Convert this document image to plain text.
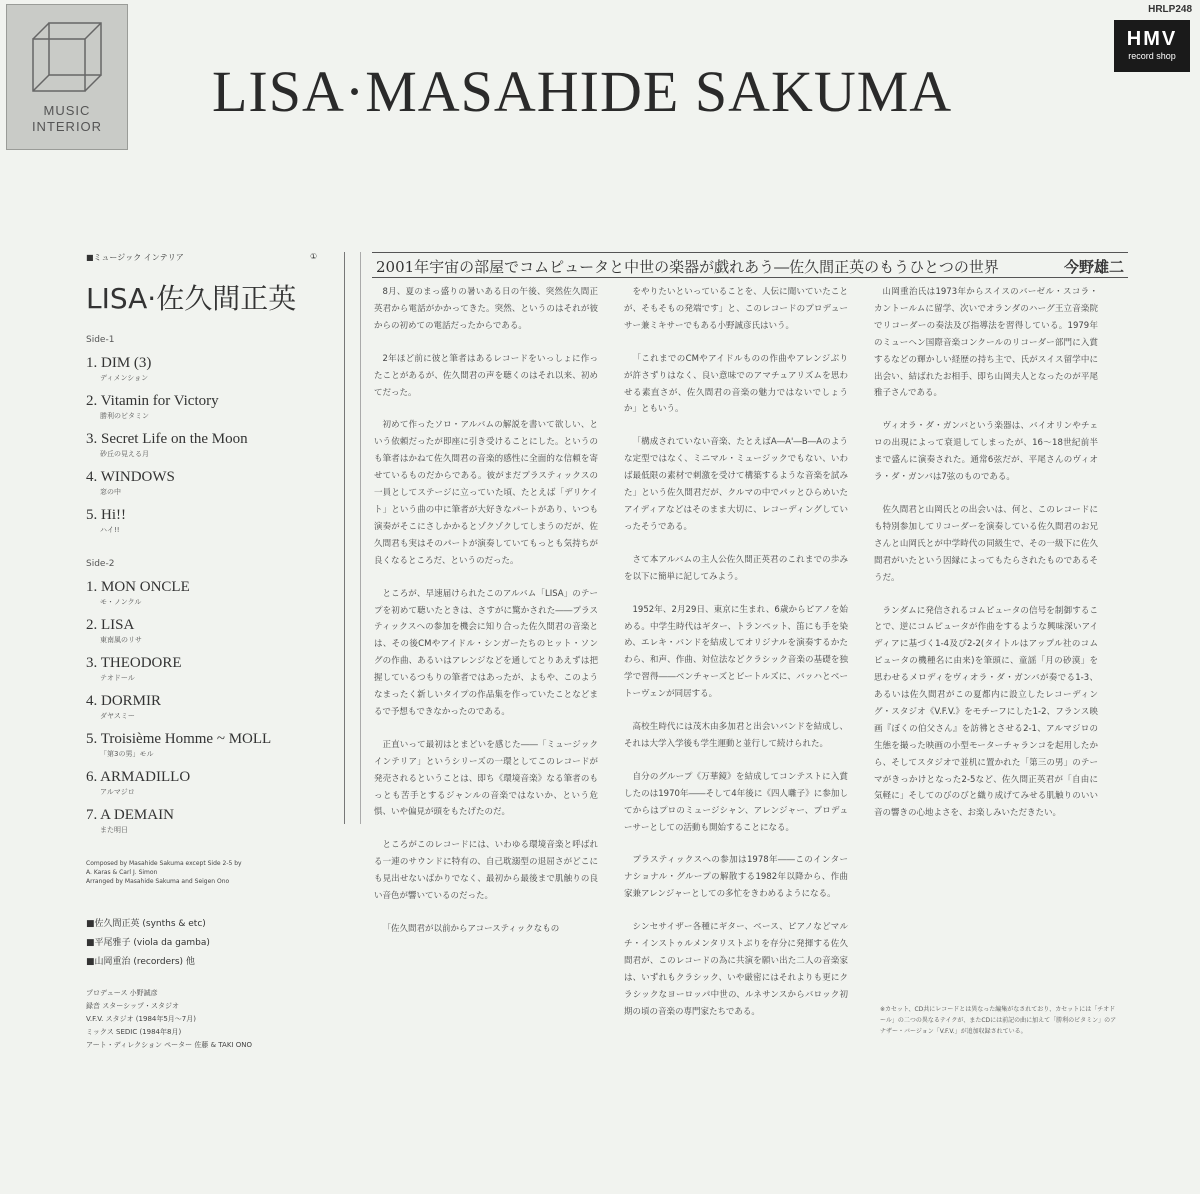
MUSIC
INTERIOR
HRLP248
HMV
record shop
LISA·MASAHIDE SAKUMA
■ミュージック インテリア	①
LISA·佐久間正英
Side-1
1. DIM (3)
ディメンション
2. Vitamin for Victory
勝利のビタミン
3. Secret Life on the Moon
砂丘の見える月
4. WINDOWS
窓の中
5. Hi!!
ハイ!!
Side-2
1. MON ONCLE
モ・ノンクル
2. LISA
東南風のリサ
3. THEODORE
テオドール
4. DORMIR
ダヤスミー
5. Troisième Homme ~ MOLL
「第3の男」モル
6. ARMADILLO
アルマジロ
7. A DEMAIN
また明日
Composed by Masahide Sakuma except Side 2-5 by
A. Karas & Carl J. Simon
Arranged by Masahide Sakuma and Seigen Ono
■佐久間正英 (synths & etc)
■平尾雅子 (viola da gamba)
■山岡重治 (recorders) 他
プロデュース 小野誠彦
録音 スターシップ・スタジオ
V.F.V. スタジオ (1984年5月〜7月)
ミックス SEDIC (1984年8月)
アート・ディレクション ペーター 佐藤 & TAKI ONO
2001年宇宙の部屋でコムピュータと中世の楽器が戯れあう―佐久間正英のもうひとつの世界	今野雄二

8月、夏のまっ盛りの暑いある日の午後、突然佐久間正英君から電話がかかってきた。突然、というのはそれが彼からの初めての電話だったからである。

2年ほど前に彼と筆者はあるレコードをいっしょに作ったことがあるが、佐久間君の声を聴くのはそれ以来、初めてだった。

初めて作ったソロ・アルバムの解説を書いて欲しい、という依頼だったが即座に引き受けることにした。というのも筆者はかねて佐久間君の音楽的感性に全面的な信頼を寄せているものだからである。彼がまだプラスティックスの一員としてステージに立っていた頃、たとえば「デリケイト」という曲の中に筆者が大好きなパートがあり、いつも演奏がそこにさしかかるとゾクゾクしてしまうのだが、佐久間君も実はそのパートが演奏していてもっとも気持ちが良くなるところだ、というのだった。

ところが、早速届けられたこのアルバム「LISA」のテープを初めて聴いたときは、さすがに驚かされた――プラスティックスへの参加を機会に知り合った佐久間君の音楽とは、その後CMやアイドル・シンガーたちのヒット・ソングの作曲、あるいはアレンジなどを通してとりあえずは把握しているつもりの筆者ではあったが、よもや、このようなまったく新しいタイプの作品集を作っていたことなどまるで予想もできなかったのである。

正直いって最初はとまどいを感じた――「ミュージック インテリア」というシリーズの一環としてこのレコードが発売されるということは、即ち《環境音楽》なる筆者のもっとも苦手とするジャンルの音楽ではないか、という危惧、いや偏見が頭をもたげたのだ。

ところがこのレコードには、いわゆる環境音楽と呼ばれる一連のサウンドに特有の、自己耽溺型の退屈さがどこにも見出せないばかりでなく、最初から最後まで肌触りの良い音色が響いているのだった。

「佐久間君が以前からアコースティックなもの

をやりたいといっていることを、人伝に聞いていたことが、そもそもの発端です」と、このレコードのプロデューサー兼ミキサーでもある小野誠彦氏はいう。

「これまでのCMやアイドルものの作曲やアレンジぶりが許さずりはなく、良い意味でのアマチュアリズムを思わせる素直さが、佐久間君の音楽の魅力ではないでしょうか」ともいう。

「構成されていない音楽、たとえばA―A'―B―Aのような定型ではなく、ミニマル・ミュージックでもない、いわば最低限の素材で刺激を受けて構築するような音楽を試みた」という佐久間君だが、クルマの中でパッとひらめいたアイディアなどはそのまま大切に、レコーディングしていったそうである。

さて本アルバムの主人公佐久間正英君のこれまでの歩みを以下に簡単に記してみよう。

1952年、2月29日、東京に生まれ、6歳からピアノを始める。中学生時代はギター、トランペット、笛にも手を染め、エレキ・バンドを結成してオリジナルを演奏するかたわら、和声、作曲、対位法などクラシック音楽の基礎を独学で習得――ベンチャーズとビートルズに、バッハとベートーヴェンが同居する。

高校生時代には茂木由多加君と出会いバンドを結成し、それは大学入学後も学生運動と並行して続けられた。

自分のグループ《万華鏡》を結成してコンテストに入賞したのは1970年――そして4年後に《四人囃子》に参加してからはプロのミュージシャン、アレンジャー、プロデューサーとしての活動も開始することになる。

プラスティックスへの参加は1978年――このインターナショナル・グループの解散する1982年以降から、作曲家兼アレンジャーとしての多忙をきわめるようになる。

シンセサイザー各種にギター、ベース、ピアノなどマルチ・インストゥルメンタリストぶりを存分に発揮する佐久間君が、このレコードの為に共演を願い出た二人の音楽家は、いずれもクラシック、いや厳密にはそれよりも更にクラシックなヨーロッパ中世の、ルネサンスからバロック初期の頃の音楽の専門家たちである。

山岡重治氏は1973年からスイスのバーゼル・スコラ・カントールムに留学、次いでオランダのハーグ王立音楽院でリコーダーの奏法及び指導法を習得している。1979年のミューヘン国際音楽コンクールのリコーダー部門に入賞するなどの輝かしい経歴の持ち主で、氏がスイス留学中に出会い、結ばれたお相手、即ち山岡夫人となったのが平尾雅子さんである。

ヴィオラ・ダ・ガンバという楽器は、バイオリンやチェロの出現によって衰退してしまったが、16～18世紀前半まで盛んに演奏された。通常6弦だが、平尾さんのヴィオラ・ダ・ガンバは7弦のものである。

佐久間君と山岡氏との出会いは、何と、このレコードにも特別参加してリコーダーを演奏している佐久間君のお兄さんと山岡氏とが中学時代の同級生で、その一級下に佐久間君がいたという因縁によってもたらされたものであるそうだ。

ランダムに発信されるコムピュータの信号を制御することで、逆にコムピュータが作曲をするような興味深いアイディアに基づく1-4及び2-2(タイトルはアップル社のコムピュータの機種名に由来)を筆頭に、童謡「月の砂漠」を思わせるメロディをヴィオラ・ダ・ガンバが奏でる1-3、あるいは佐久間君がこの夏都内に設立したレコーディング・スタジオ《V.F.V.》をモチーフにした1-2、フランス映画『ぼくの伯父さん』を訪彿とさせる2-1、アルマジロの生態を撮った映画の小型モーターチャランコを起用したから、そしてスタジオで並机に置かれた「第三の男」のテーマがきっかけとなった2-5など、佐久間正英君が「自由に気軽に」そしてのびのびと織り成げてみせる肌触りのいい音の響きの心地よさを、お楽しみいただきたい。

※カセット、CD共にレコードとは異なった編集がなされており、カセットには「チオドール」の二つの異なるテイクが、またCDには前記の曲に加えて「勝利のビタミン」のアナザー・バージョン「V.F.V.」が追加収録されている。
